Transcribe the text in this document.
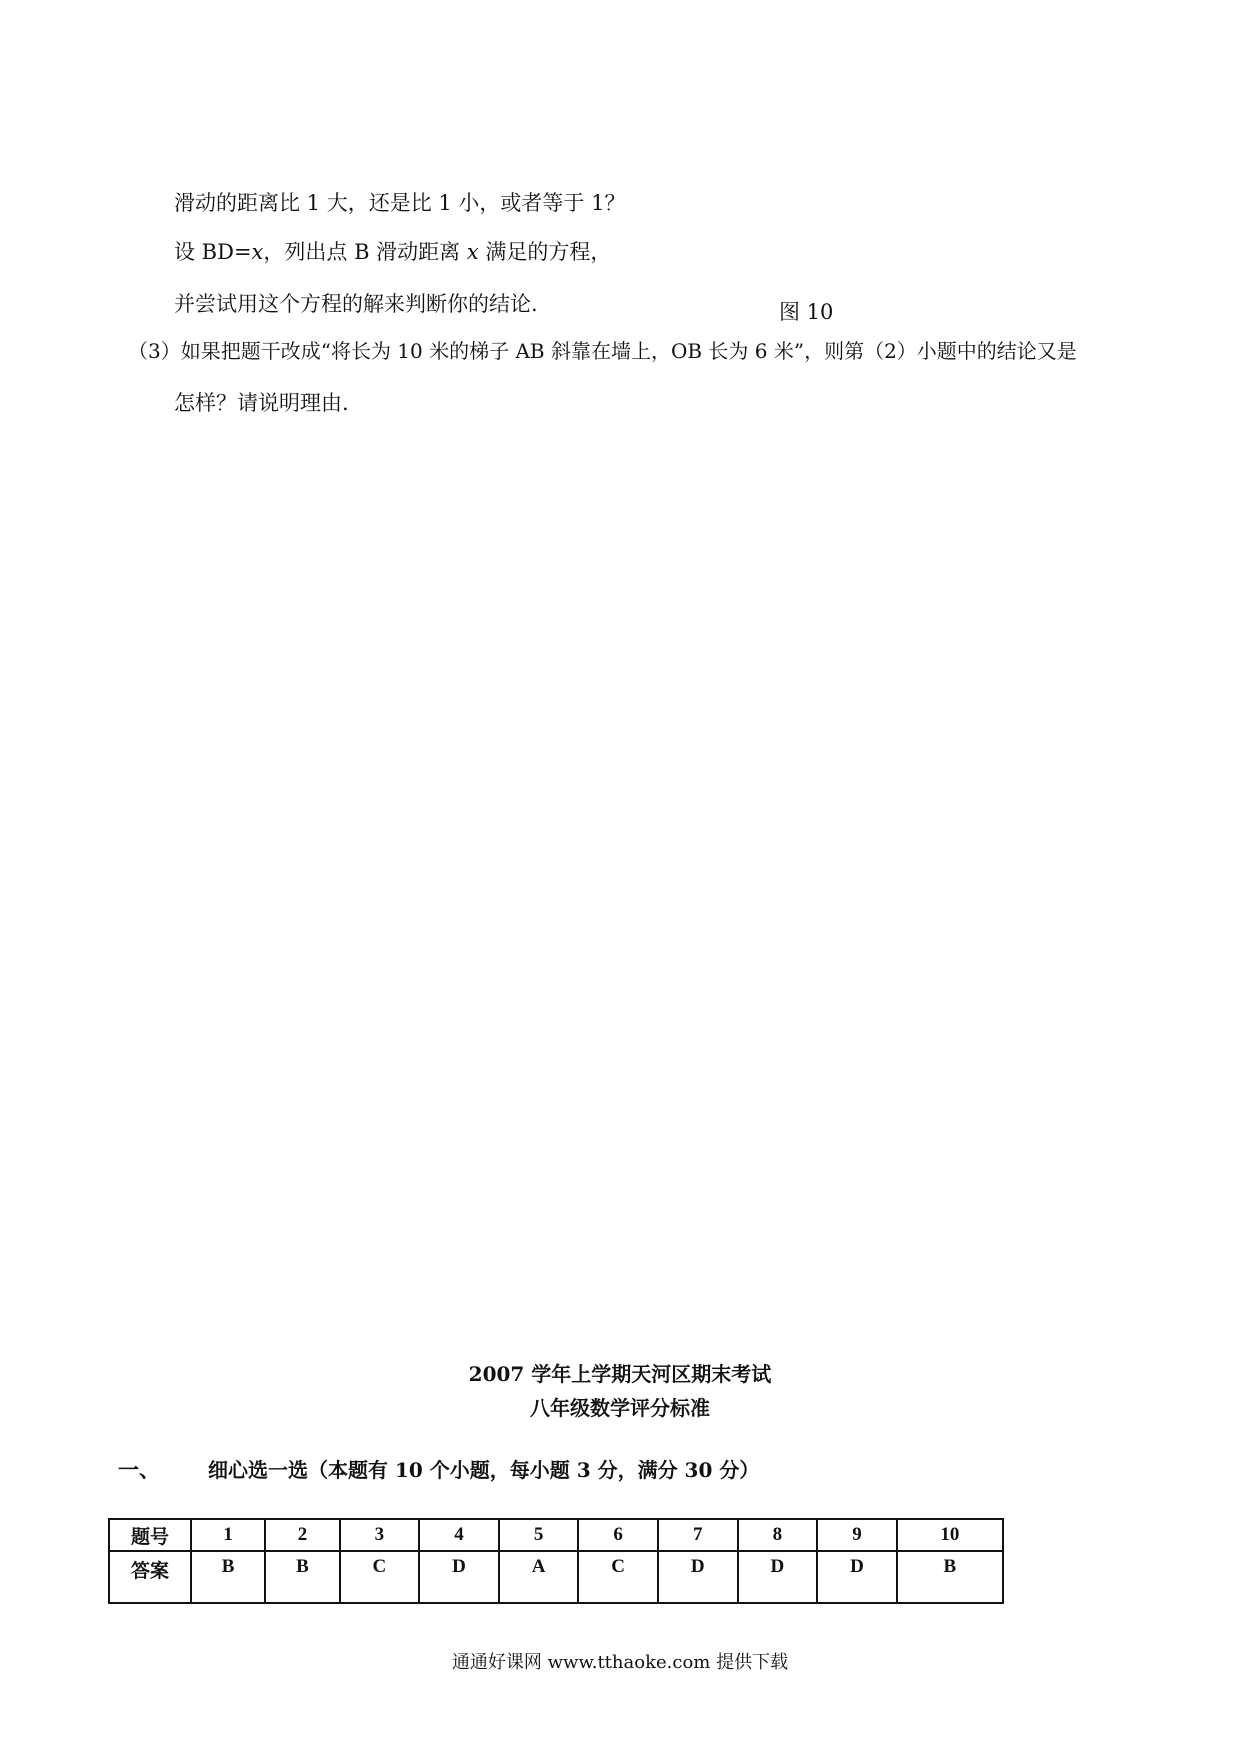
滑动的距离比 1 大，还是比 1 小，或者等于 1？
设 BD=x，列出点 B 滑动距离 x 满足的方程，
并尝试用这个方程的解来判断你的结论.	图 10
（3）如果把题干改成“将长为 10 米的梯子 AB 斜靠在墙上，OB 长为 6 米”，则第（2）小题中的结论又是
怎样？请说明理由.
2007 学年上学期天河区期末考试
八年级数学评分标准
一、 细心选一选（本题有 10 个小题，每小题 3 分，满分 30 分）
题号	1	2	3	4	5	6	7	8	9	10
答案	B	B	C	D	A	C	D	D	D	B
通通好课网 www.tthaoke.com 提供下载
